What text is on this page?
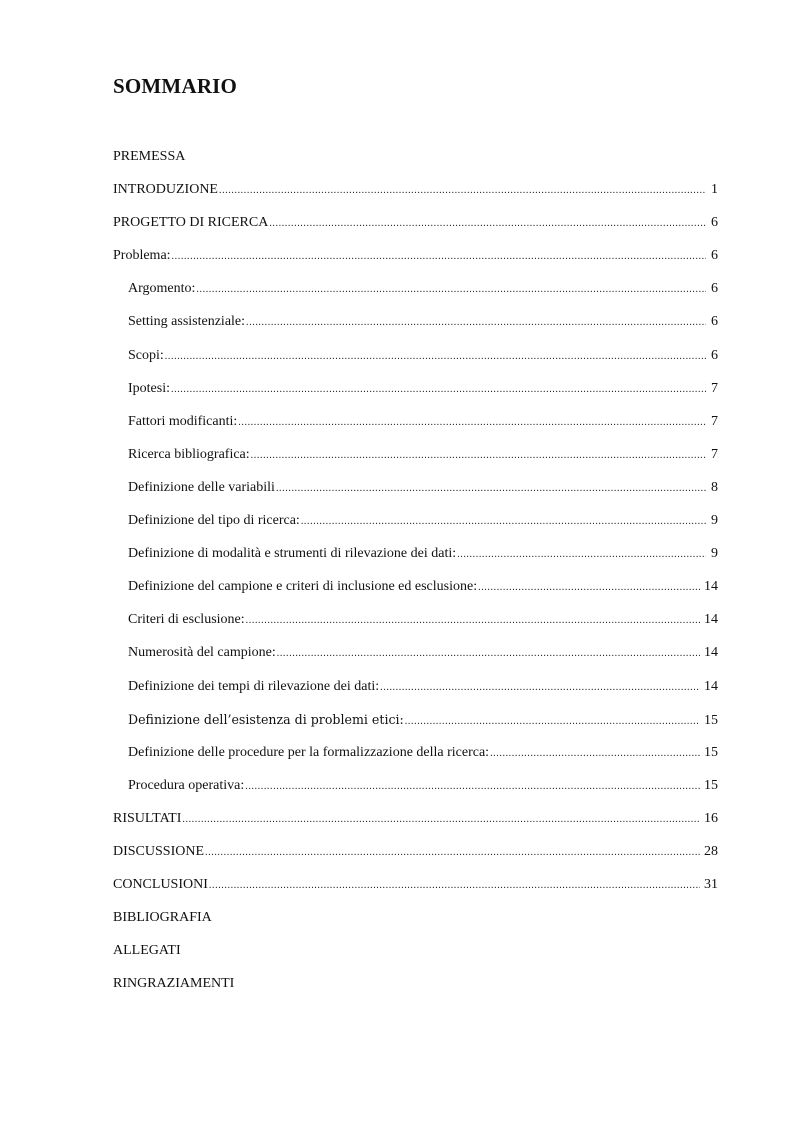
SOMMARIO
PREMESSA
INTRODUZIONE .....	1
PROGETTO DI RICERCA .....	6
Problema: .....	6
Argomento: .....	6
Setting assistenziale: .....	6
Scopi: .....	6
Ipotesi: .....	7
Fattori modificanti: .....	7
Ricerca bibliografica: .....	7
Definizione delle variabili .....	8
Definizione del tipo di ricerca: .....	9
Definizione di modalità e strumenti di rilevazione dei dati: .....	9
Definizione del campione e criteri di inclusione ed esclusione: .....	14
Criteri di esclusione: .....	14
Numerosità del campione: .....	14
Definizione dei tempi di rilevazione dei dati: .....	14
Definizione dell’esistenza di problemi etici: .....	15
Definizione delle procedure per la formalizzazione della ricerca: .....	15
Procedura operativa: .....	15
RISULTATI .....	16
DISCUSSIONE .....	28
CONCLUSIONI .....	31
BIBLIOGRAFIA
ALLEGATI
RINGRAZIAMENTI
